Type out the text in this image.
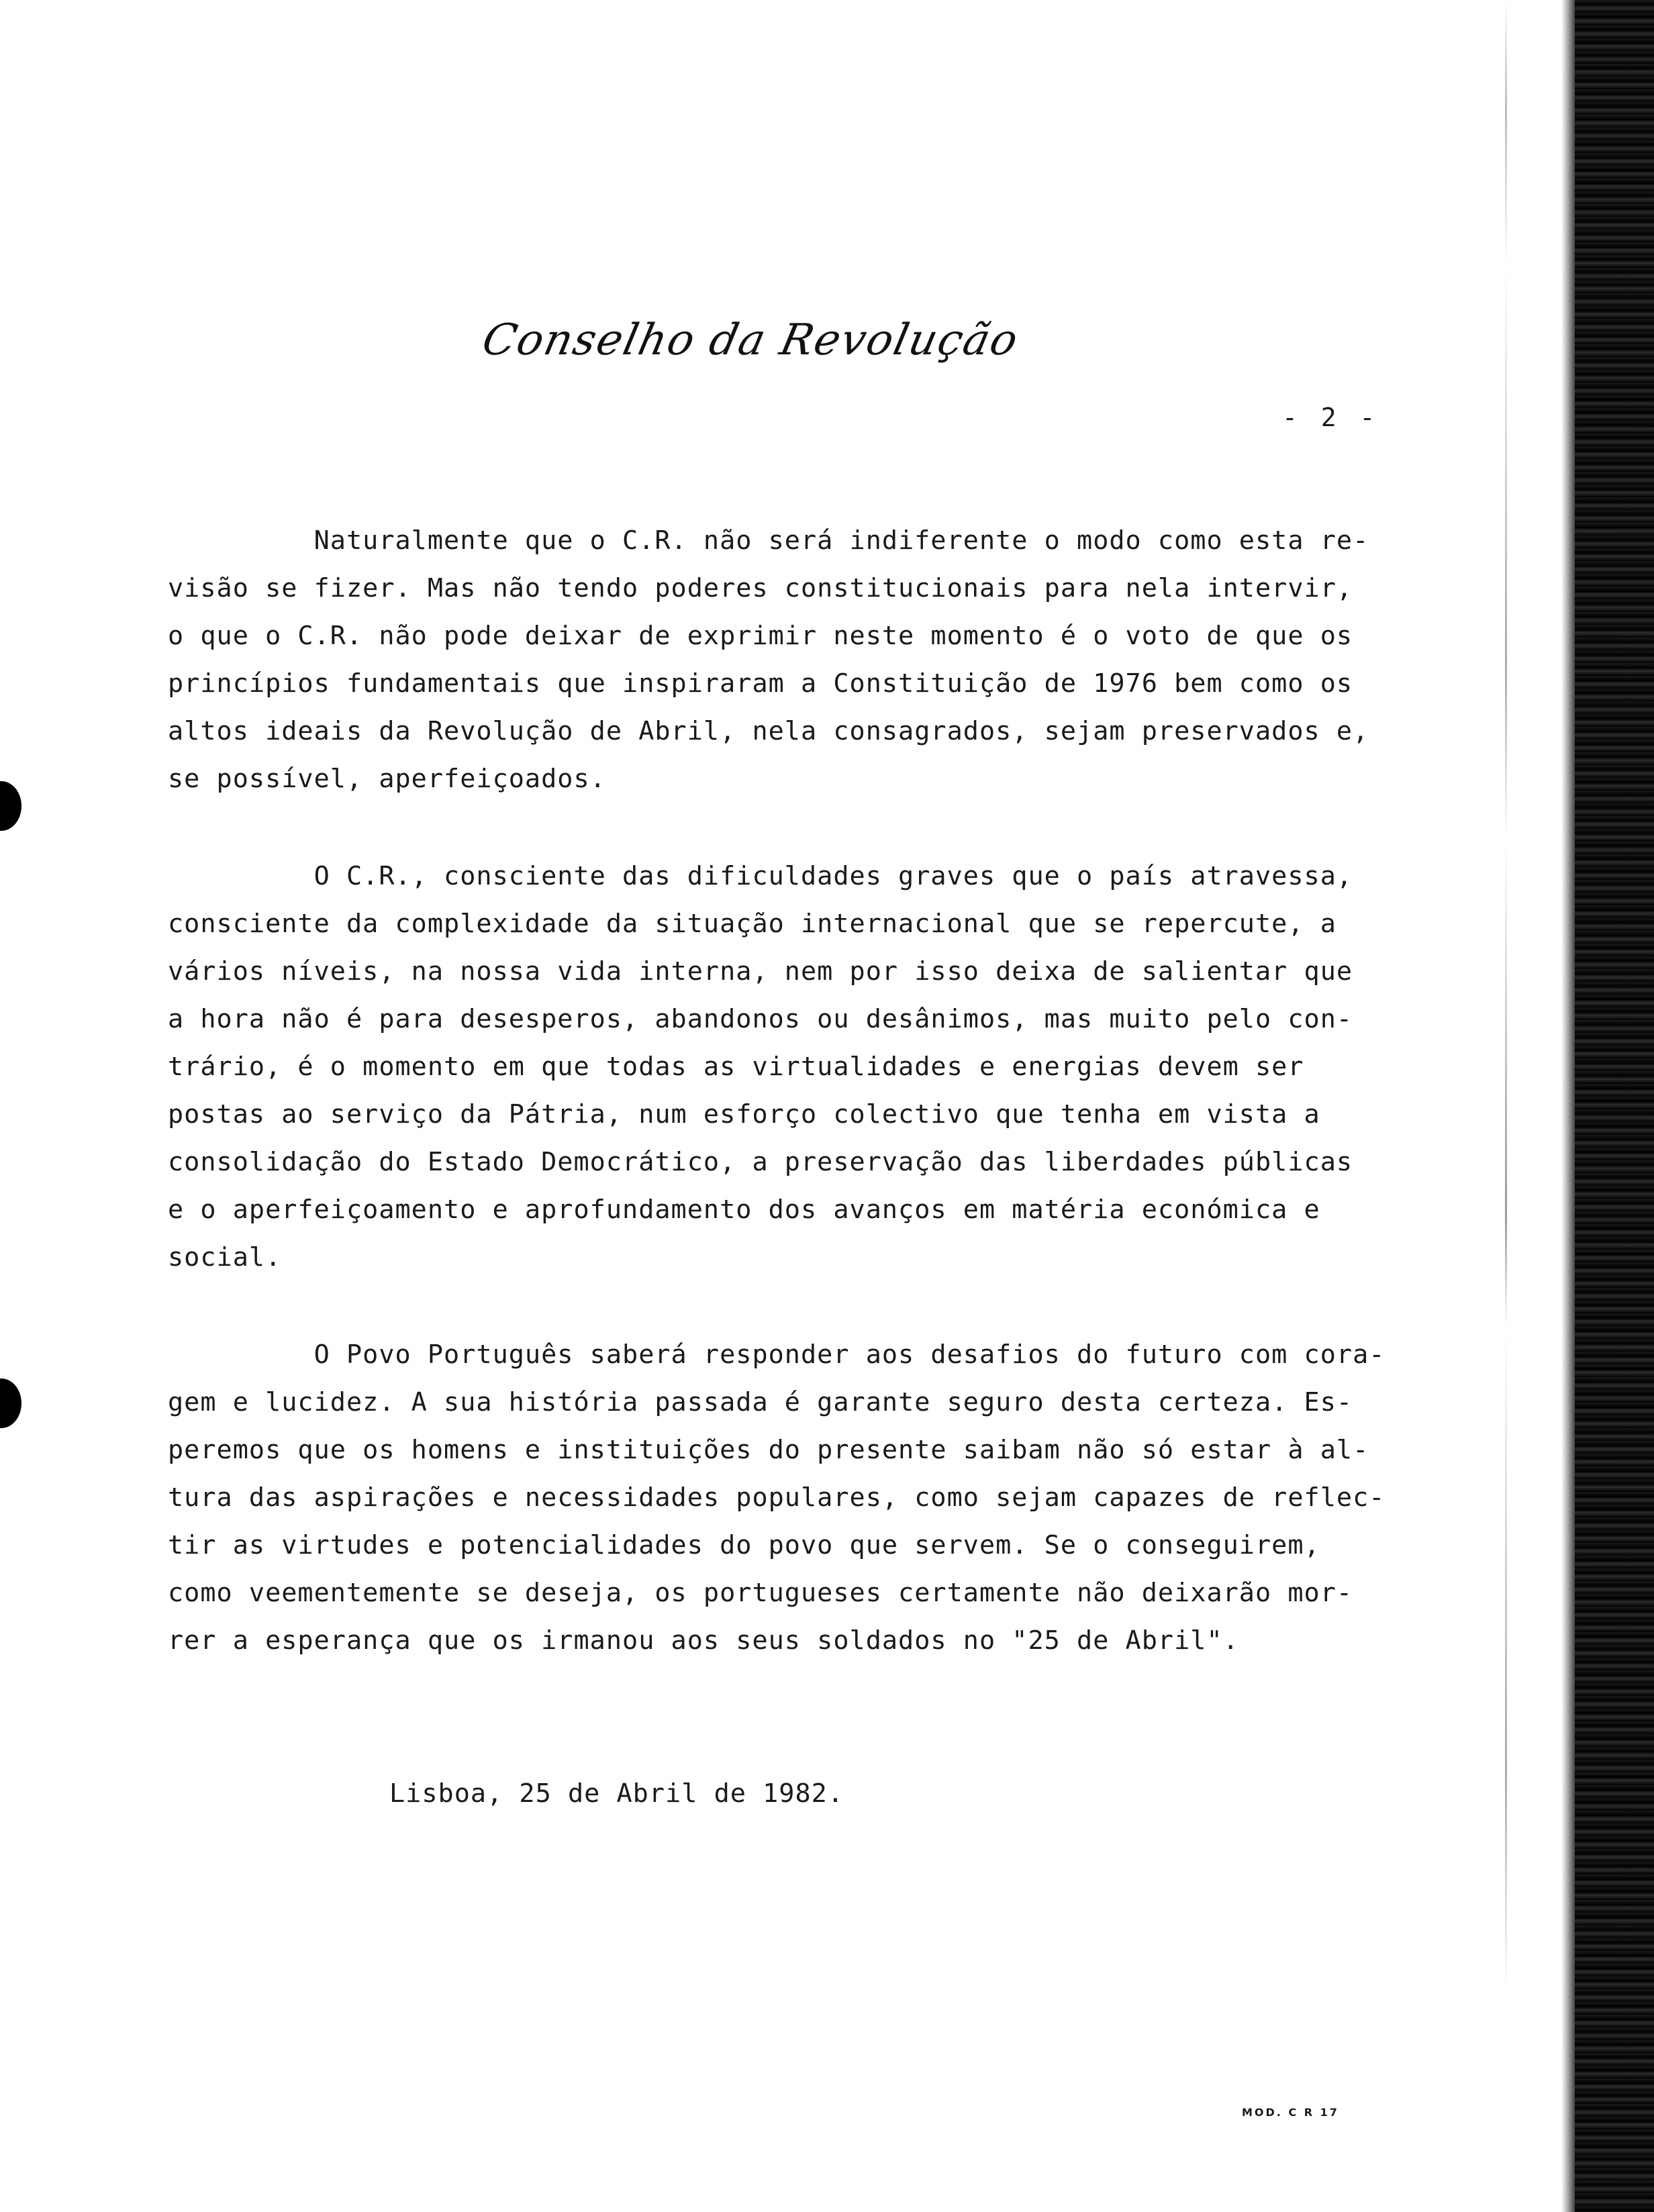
Conselho da Revolução
- 2 -
Naturalmente que o C.R. não será indiferente o modo como esta re-
visão se fizer. Mas não tendo poderes constitucionais para nela intervir,
o que o C.R. não pode deixar de exprimir neste momento é o voto de que os
princípios fundamentais que inspiraram a Constituição de 1976 bem como os
altos ideais da Revolução de Abril, nela consagrados, sejam preservados e,
se possível, aperfeiçoados.
O C.R., consciente das dificuldades graves que o país atravessa,
consciente da complexidade da situação internacional que se repercute, a
vários níveis, na nossa vida interna, nem por isso deixa de salientar que
a hora não é para desesperos, abandonos ou desânimos, mas muito pelo con-
trário, é o momento em que todas as virtualidades e energias devem ser
postas ao serviço da Pátria, num esforço colectivo que tenha em vista a
consolidação do Estado Democrático, a preservação das liberdades públicas
e o aperfeiçoamento e aprofundamento dos avanços em matéria económica e
social.
O Povo Português saberá responder aos desafios do futuro com cora-
gem e lucidez. A sua história passada é garante seguro desta certeza. Es-
peremos que os homens e instituições do presente saibam não só estar à al-
tura das aspirações e necessidades populares, como sejam capazes de reflec-
tir as virtudes e potencialidades do povo que servem. Se o conseguirem,
como veementemente se deseja, os portugueses certamente não deixarão mor-
rer a esperança que os irmanou aos seus soldados no "25 de Abril".
Lisboa, 25 de Abril de 1982.
MOD. C R 17
